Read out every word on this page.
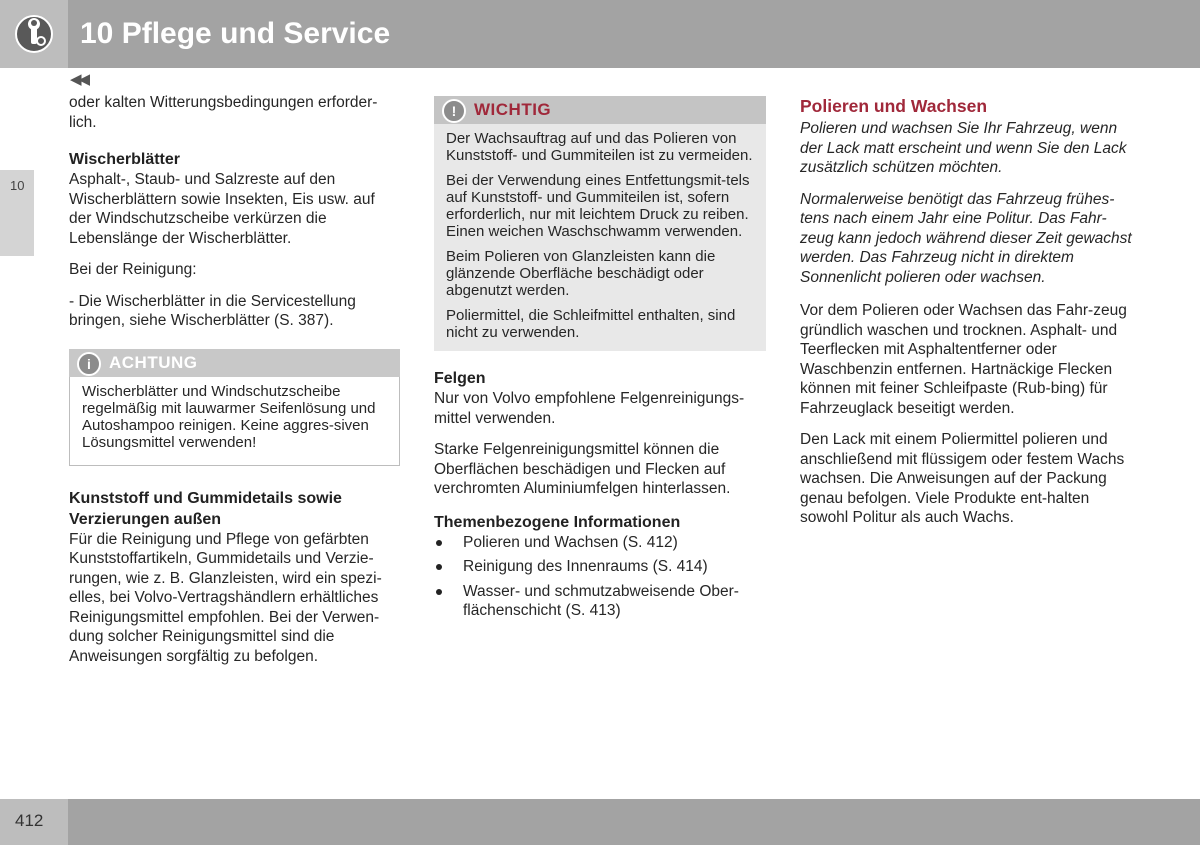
10 Pflege und Service
◀◀
10

oder kalten Witterungsbedingungen erforder-lich.

Wischerblätter

Asphalt-, Staub- und Salzreste auf den Wischerblättern sowie Insekten, Eis usw. auf der Windschutzscheibe verkürzen die Lebenslänge der Wischerblätter.

Bei der Reinigung:

- Die Wischerblätter in die Servicestellung bringen, siehe Wischerblätter (S. 387).

i	ACHTUNG

Wischerblätter und Windschutzscheibe regelmäßig mit lauwarmer Seifenlösung und Autoshampoo reinigen. Keine aggres-siven Lösungsmittel verwenden!

Kunststoff und Gummidetails sowie Verzierungen außen

Für die Reinigung und Pflege von gefärbten Kunststoffartikeln, Gummidetails und Verzie-rungen, wie z. B. Glanzleisten, wird ein spezi-elles, bei Volvo-Vertragshändlern erhältliches Reinigungsmittel empfohlen. Bei der Verwen-dung solcher Reinigungsmittel sind die Anweisungen sorgfältig zu befolgen.

!	WICHTIG

Der Wachsauftrag auf und das Polieren von Kunststoff- und Gummiteilen ist zu vermeiden.

Bei der Verwendung eines Entfettungsmit-tels auf Kunststoff- und Gummiteilen ist, sofern erforderlich, nur mit leichtem Druck zu reiben. Einen weichen Waschschwamm verwenden.

Beim Polieren von Glanzleisten kann die glänzende Oberfläche beschädigt oder abgenutzt werden.

Poliermittel, die Schleifmittel enthalten, sind nicht zu verwenden.

Felgen

Nur von Volvo empfohlene Felgenreinigungs-mittel verwenden.

Starke Felgenreinigungsmittel können die Oberflächen beschädigen und Flecken auf verchromten Aluminiumfelgen hinterlassen.

Themenbezogene Informationen
Polieren und Wachsen (S. 412)
Reinigung des Innenraums (S. 414)
Wasser- und schmutzabweisende Ober-flächenschicht (S. 413)
Polieren und Wachsen

Polieren und wachsen Sie Ihr Fahrzeug, wenn der Lack matt erscheint und wenn Sie den Lack zusätzlich schützen möchten.

Normalerweise benötigt das Fahrzeug frühes-tens nach einem Jahr eine Politur. Das Fahr-zeug kann jedoch während dieser Zeit gewachst werden. Das Fahrzeug nicht in direktem Sonnenlicht polieren oder wachsen.

Vor dem Polieren oder Wachsen das Fahr-zeug gründlich waschen und trocknen. Asphalt- und Teerflecken mit Asphaltentferner oder Waschbenzin entfernen. Hartnäckige Flecken können mit feiner Schleifpaste (Rub-bing) für Fahrzeuglack beseitigt werden.

Den Lack mit einem Poliermittel polieren und anschließend mit flüssigem oder festem Wachs wachsen. Die Anweisungen auf der Packung genau befolgen. Viele Produkte ent-halten sowohl Politur als auch Wachs.

412
